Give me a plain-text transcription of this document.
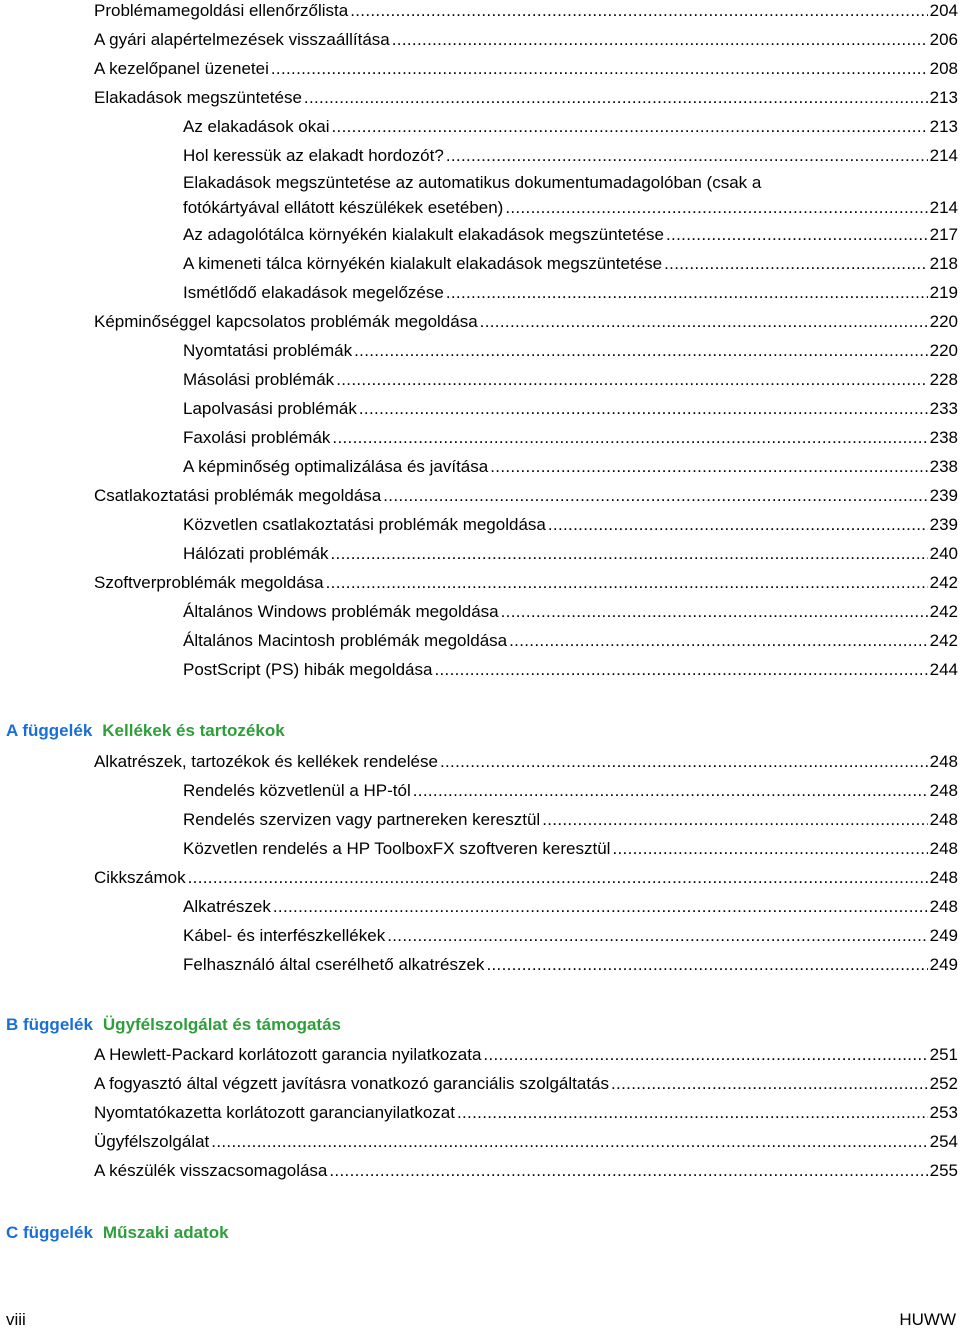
Problémamegoldási ellenőrzőlista . . .	204
A gyári alapértelmezések visszaállítása . . .	206
A kezelőpanel üzenetei . . .	208
Elakadások megszüntetése . . .	213
Az elakadások okai . . .	213
Hol keressük az elakadt hordozót? . . .	214
Elakadások megszüntetése az automatikus dokumentumadagolóban (csak a
fotókártyával ellátott készülékek esetében) . . .	214
Az adagolótálca környékén kialakult elakadások megszüntetése . . .	217
A kimeneti tálca környékén kialakult elakadások megszüntetése . . .	218
Ismétlődő elakadások megelőzése . . .	219
Képminőséggel kapcsolatos problémák megoldása . . .	220
Nyomtatási problémák . . .	220
Másolási problémák . . .	228
Lapolvasási problémák . . .	233
Faxolási problémák . . .	238
A képminőség optimalizálása és javítása . . .	238
Csatlakoztatási problémák megoldása . . .	239
Közvetlen csatlakoztatási problémák megoldása . . .	239
Hálózati problémák . . .	240
Szoftverproblémák megoldása . . .	242
Általános Windows problémák megoldása . . .	242
Általános Macintosh problémák megoldása . . .	242
PostScript (PS) hibák megoldása . . .	244
A függelék Kellékek és tartozékok
Alkatrészek, tartozékok és kellékek rendelése . . .	248
Rendelés közvetlenül a HP-tól . . .	248
Rendelés szervizen vagy partnereken keresztül . . .	248
Közvetlen rendelés a HP ToolboxFX szoftveren keresztül . . .	248
Cikkszámok . . .	248
Alkatrészek . . .	248
Kábel- és interfészkellékek . . .	249
Felhasználó által cserélhető alkatrészek . . .	249
B függelék Ügyfélszolgálat és támogatás
A Hewlett-Packard korlátozott garancia nyilatkozata . . .	251
A fogyasztó által végzett javításra vonatkozó garanciális szolgáltatás . . .	252
Nyomtatókazetta korlátozott garancianyilatkozat . . .	253
Ügyfélszolgálat . . .	254
A készülék visszacsomagolása . . .	255
C függelék Műszaki adatok
viii	HUWW
